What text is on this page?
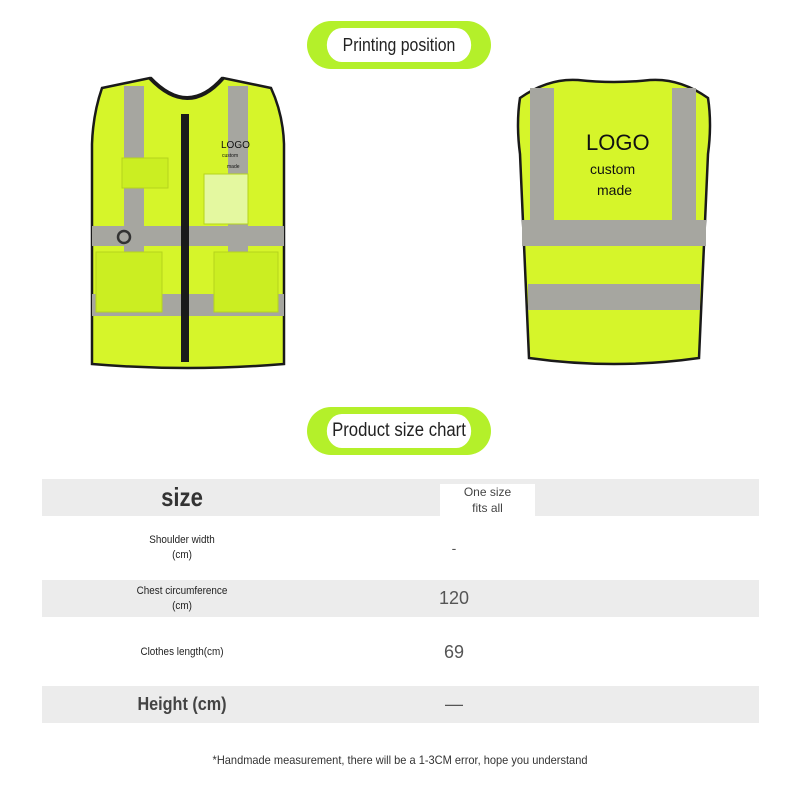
Printing position
LOGO
custom
made
LOGO
custom
made
Product size chart
size	One size
fits all
Shoulder width
(cm)	-
Chest circumference
(cm)	120
Clothes length(cm)	69
Height (cm)	—
*Handmade measurement, there will be a 1-3CM error, hope you understand
